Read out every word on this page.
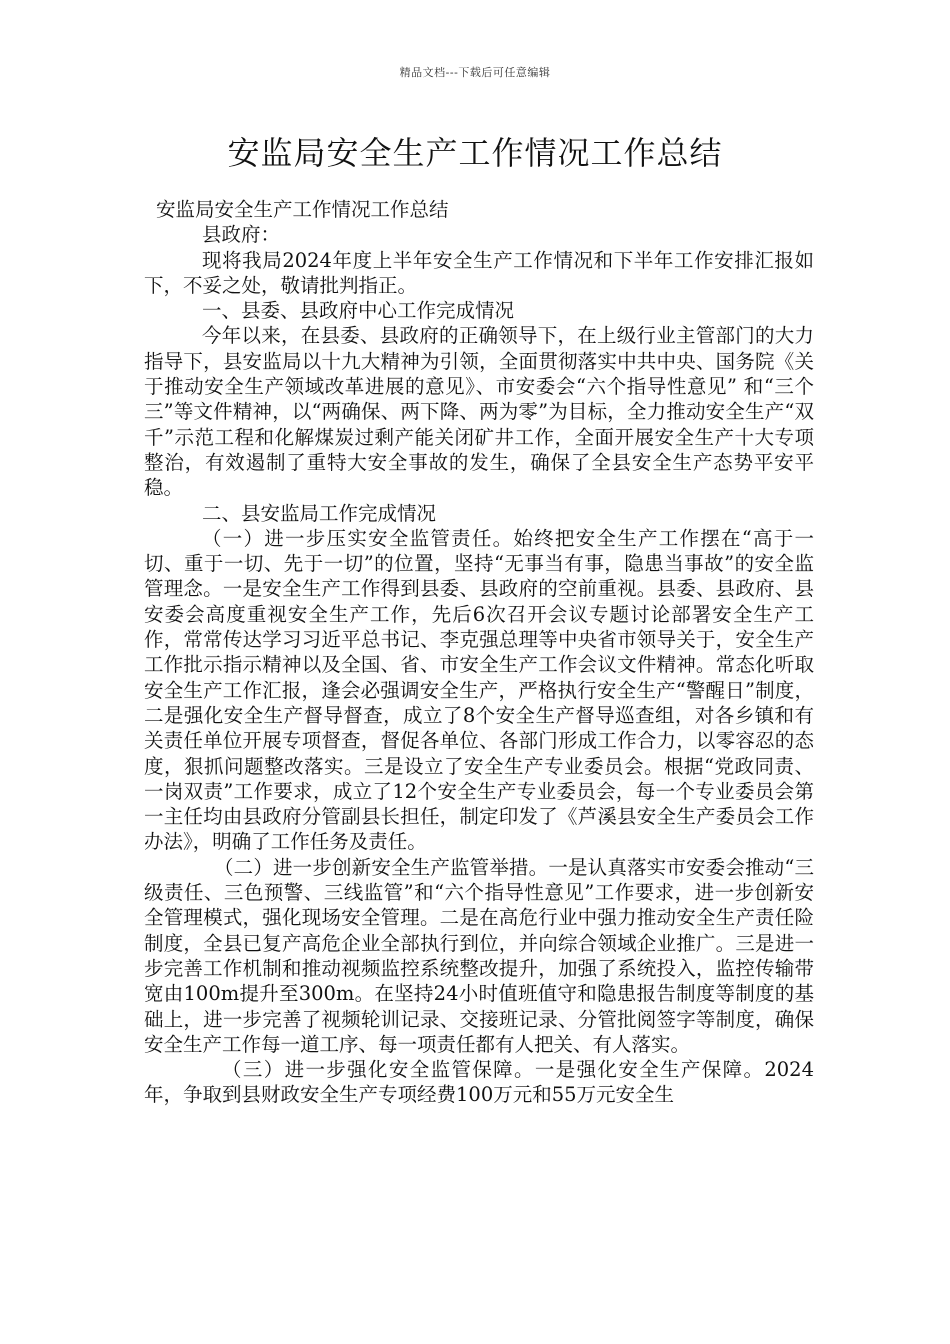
精品文档---下载后可任意编辑
安监局安全生产工作情况工作总结

安监局安全生产工作情况工作总结

县政府：

现将我局2024年度上半年安全生产工作情况和下半年工作安排汇报如下，不妥之处，敬请批判指正。

一、县委、县政府中心工作完成情况

今年以来，在县委、县政府的正确领导下，在上级行业主管部门的大力指导下，县安监局以十九大精神为引领，全面贯彻落实中共中央、国务院《关于推动安全生产领域改革进展的意见》、市安委会“六个指导性意见” 和“三个三”等文件精神，以“两确保、两下降、两为零”为目标，全力推动安全生产“双千”示范工程和化解煤炭过剩产能关闭矿井工作，全面开展安全生产十大专项整治，有效遏制了重特大安全事故的发生，确保了全县安全生产态势平安平稳。

二、县安监局工作完成情况

（一）进一步压实安全监管责任。始终把安全生产工作摆在“高于一切、重于一切、先于一切”的位置，坚持“无事当有事，隐患当事故”的安全监管理念。一是安全生产工作得到县委、县政府的空前重视。县委、县政府、县安委会高度重视安全生产工作，先后6次召开会议专题讨论部署安全生产工作，常常传达学习习近平总书记、李克强总理等中央省市领导关于，安全生产工作批示指示精神以及全国、省、市安全生产工作会议文件精神。常态化听取安全生产工作汇报，逢会必强调安全生产，严格执行安全生产“警醒日”制度，二是强化安全生产督导督查，成立了8个安全生产督导巡查组，对各乡镇和有关责任单位开展专项督查，督促各单位、各部门形成工作合力，以零容忍的态度，狠抓问题整改落实。三是设立了安全生产专业委员会。根据“党政同责、一岗双责”工作要求，成立了12个安全生产专业委员会，每一个专业委员会第一主任均由县政府分管副县长担任，制定印发了《芦溪县安全生产委员会工作办法》，明确了工作任务及责任。

（二）进一步创新安全生产监管举措。一是认真落实市安委会推动“三级责任、三色预警、三线监管”和“六个指导性意见”工作要求，进一步创新安全管理模式，强化现场安全管理。二是在高危行业中强力推动安全生产责任险制度，全县已复产高危企业全部执行到位，并向综合领域企业推广。三是进一步完善工作机制和推动视频监控系统整改提升，加强了系统投入，监控传输带宽由100m提升至300m。在坚持24小时值班值守和隐患报告制度等制度的基础上，进一步完善了视频轮训记录、交接班记录、分管批阅签字等制度，确保安全生产工作每一道工序、每一项责任都有人把关、有人落实。

（三）进一步强化安全监管保障。一是强化安全生产保障。2024年，争取到县财政安全生产专项经费100万元和55万元安全生
